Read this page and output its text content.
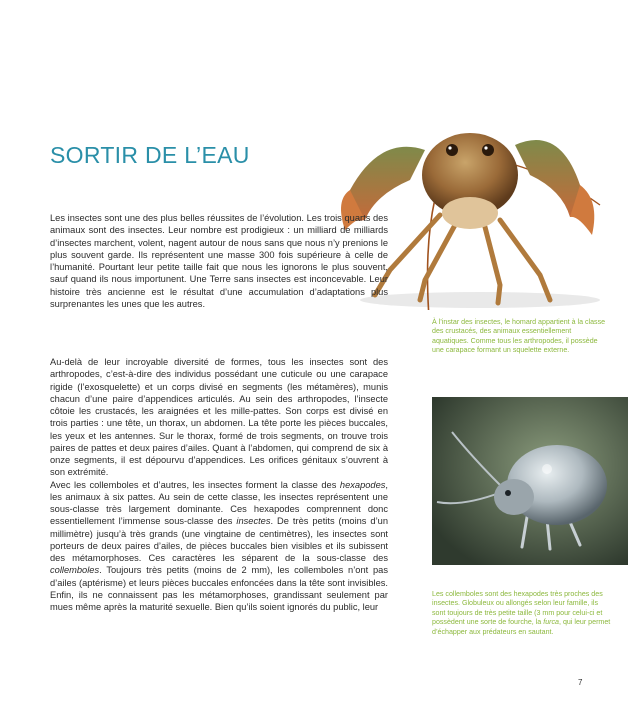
SORTIR DE L’EAU

Les insectes sont une des plus belles réussites de l’évolution. Les trois quarts des animaux sont des insectes. Leur nombre est prodigieux : un milliard de milliards d’insectes marchent, volent, nagent autour de nous sans que nous n’y prenions le plus souvent garde. Ils représentent une masse 300 fois supérieure à celle de l’humanité. Pourtant leur petite taille fait que nous les ignorons le plus souvent, sauf quand ils nous importunent. Une Terre sans insectes est inconcevable. Leur histoire très ancienne est le résultat d’une accumulation d’adaptations plus surprenantes les unes que les autres.

Au-delà de leur incroyable diversité de formes, tous les insectes sont des arthropodes, c’est-à-dire des individus possédant une cuticule ou une carapace rigide (l’exosquelette) et un corps divisé en segments (les métamères), munis chacun d’une paire d’appendices articulés. Au sein des arthropodes, l’insecte côtoie les crustacés, les araignées et les mille-pattes. Son corps est divisé en trois parties : une tête, un thorax, un abdomen. La tête porte les pièces buccales, les yeux et les antennes. Sur le thorax, formé de trois segments, on trouve trois paires de pattes et deux paires d’ailes. Quant à l’abdomen, qui comprend de six à onze segments, il est dépourvu d’appendices. Les orifices génitaux s’ouvrent à son extrémité.

Avec les collemboles et d’autres, les insectes forment la classe des hexapodes, les animaux à six pattes. Au sein de cette classe, les insectes représentent une sous-classe très largement dominante. Ces hexapodes comprennent donc essentiellement l’immense sous-classe des insectes. De très petits (moins d’un millimètre) jusqu’à très grands (une vingtaine de centimètres), les insectes sont porteurs de deux paires d’ailes, de pièces buccales bien visibles et ils subissent des métamorphoses. Ces caractères les séparent de la sous-classe des collemboles. Toujours très petits (moins de 2 mm), les collemboles n’ont pas d’ailes (aptérisme) et leurs pièces buccales enfoncées dans la tête sont invisibles. Enfin, ils ne connaissent pas les métamorphoses, grandissant seulement par mues même après la maturité sexuelle. Bien qu’ils soient ignorés du public, leur

À l’instar des insectes, le homard appartient à la classe des crustacés, des animaux essentiellement aquatiques. Comme tous les arthropodes, il possède une carapace formant un squelette externe.

Les collemboles sont des hexapodes très proches des insectes. Globuleux ou allongés selon leur famille, ils sont toujours de très petite taille (3 mm pour celui-ci et possèdent une sorte de fourche, la furca, qui leur permet d’échapper aux prédateurs en sautant.

7
